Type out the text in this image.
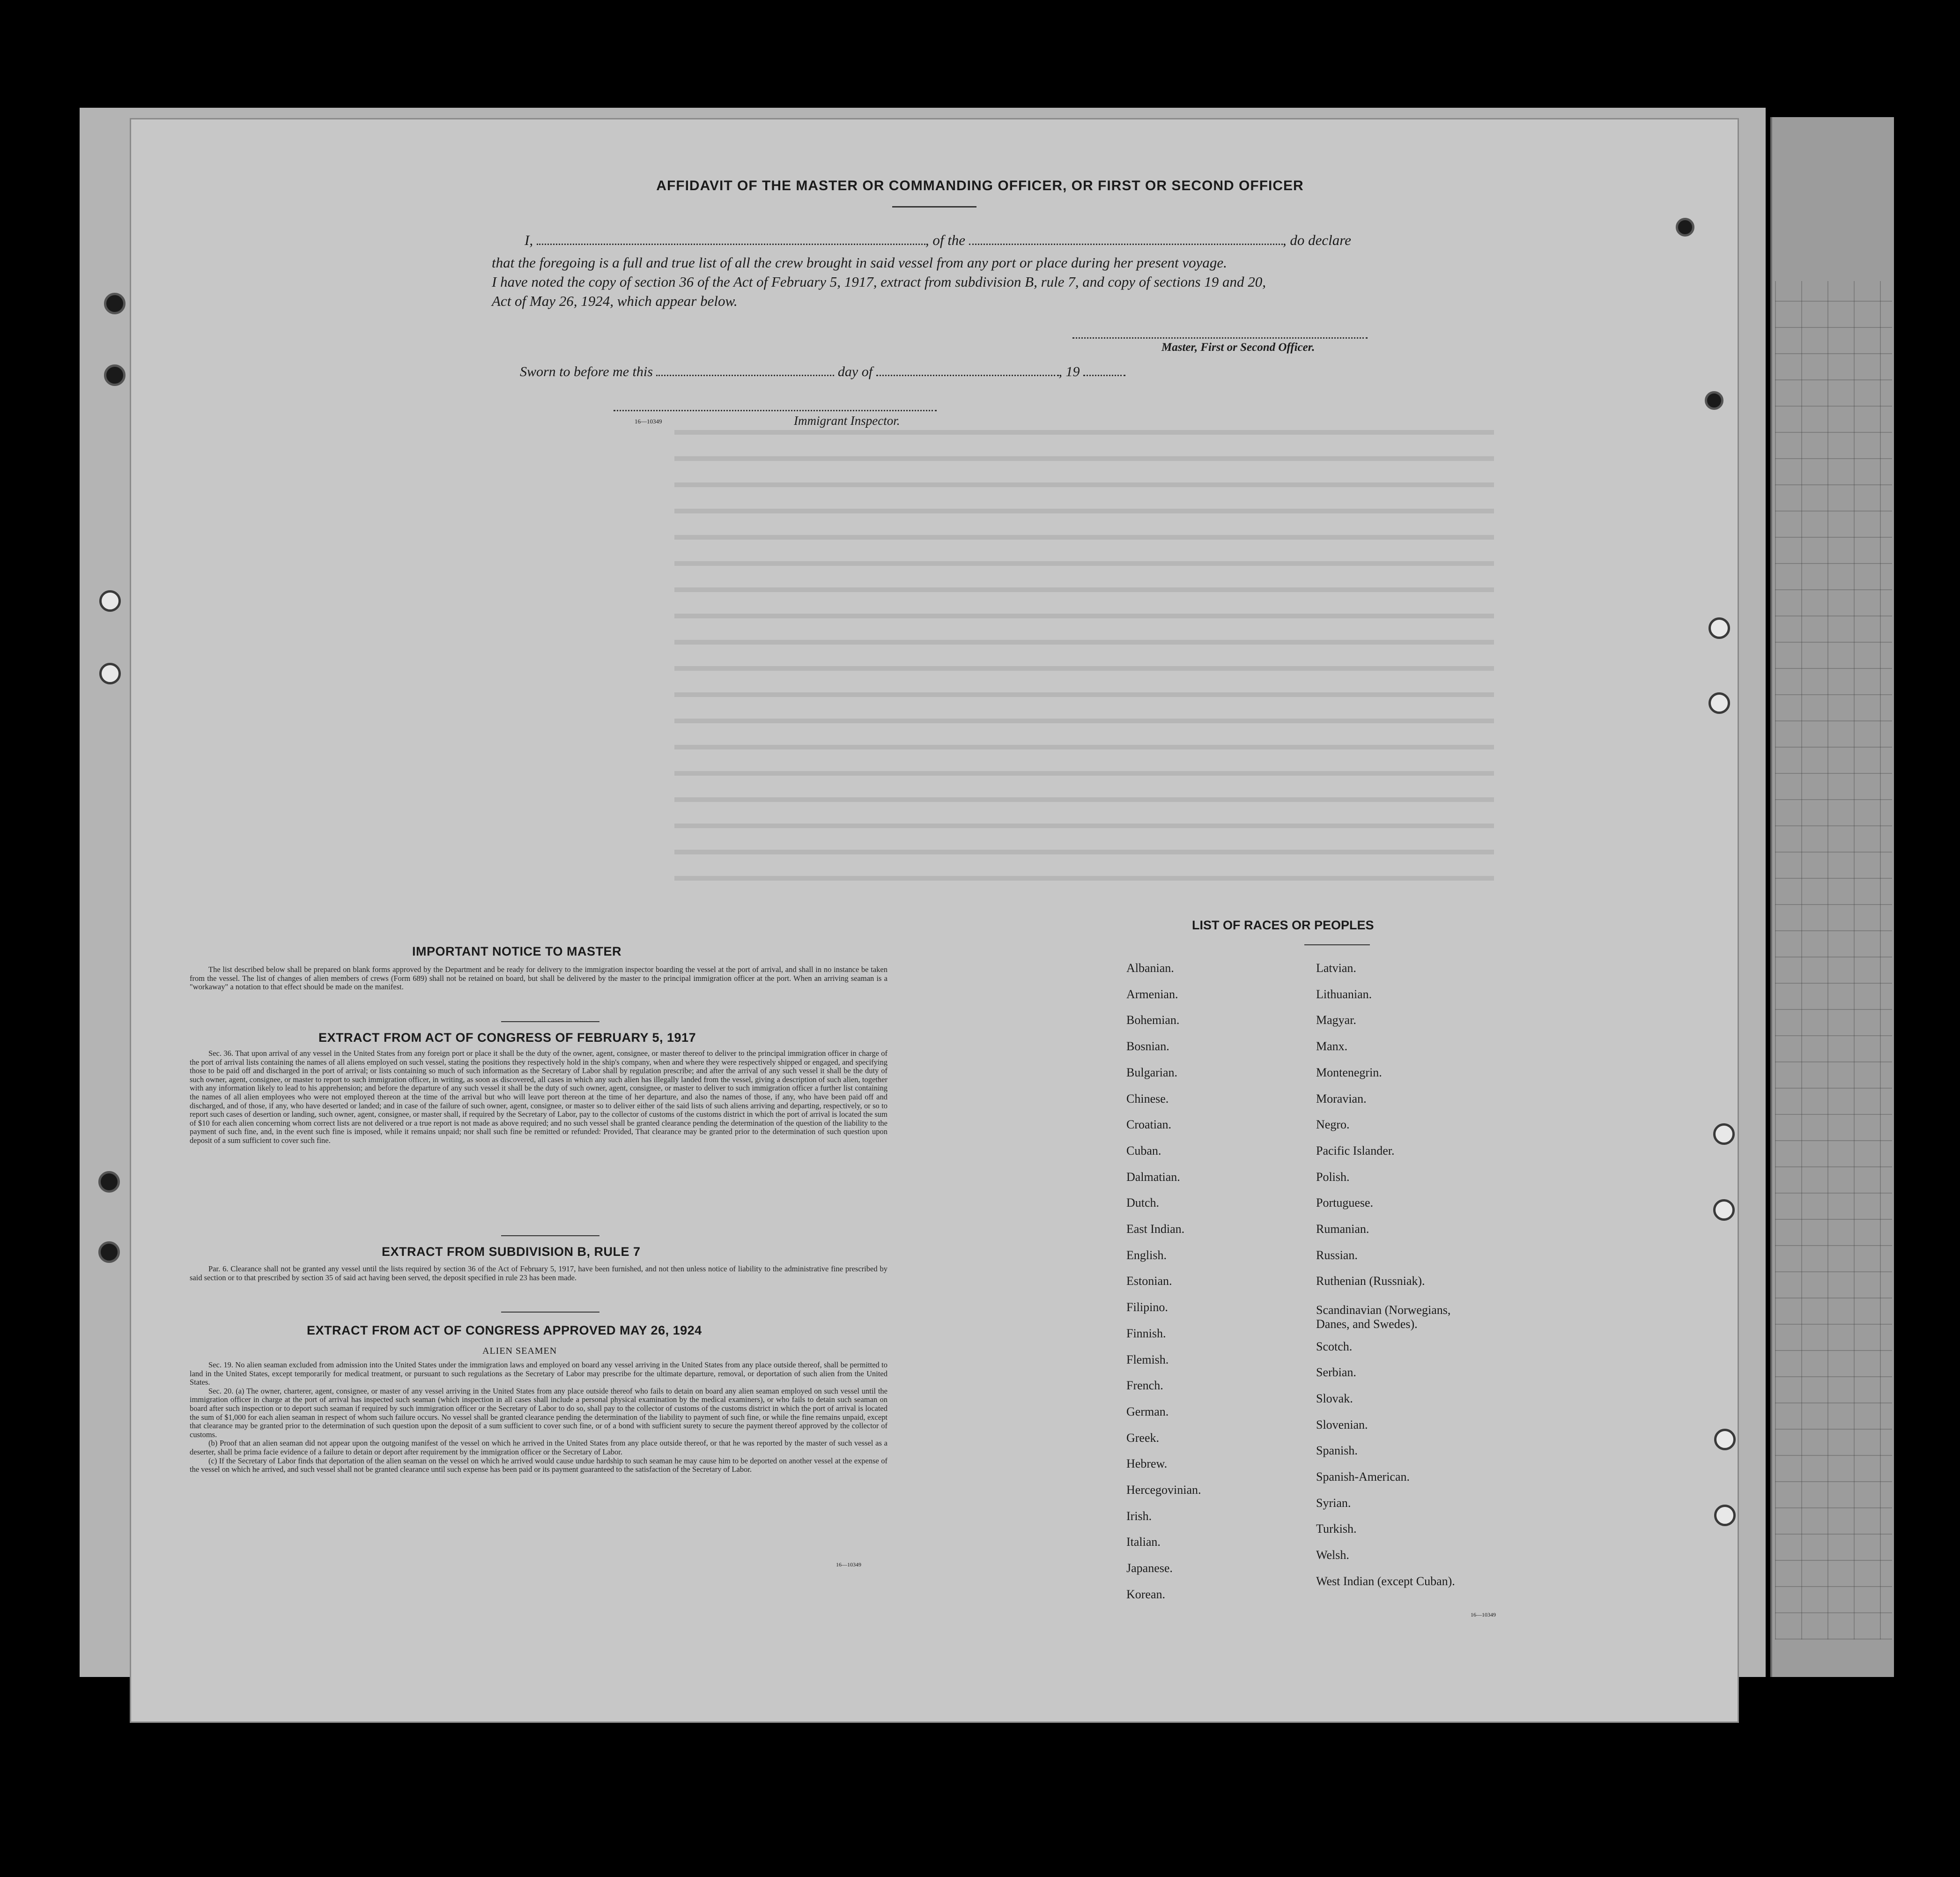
AFFIDAVIT OF THE MASTER OR COMMANDING OFFICER, OR FIRST OR SECOND OFFICER
I,	, of the	, do declare
that the foregoing is a full and true list of all the crew brought in said vessel from any port or place during her present voyage.
I have noted the copy of section 36 of the Act of February 5, 1917, extract from subdivision B, rule 7, and copy of sections 19 and 20,
Act of May 26, 1924, which appear below.
Master, First or Second Officer.
Sworn to before me this	day of	, 19
16—10349	Immigrant Inspector.
IMPORTANT NOTICE TO MASTER
The list described below shall be prepared on blank forms approved by the Department and be ready for delivery to the immigration inspector boarding the vessel at the port of arrival, and shall in no instance be taken from the vessel. The list of changes of alien members of crews (Form 689) shall not be retained on board, but shall be delivered by the master to the principal immigration officer at the port. When an arriving seaman is a "workaway" a notation to that effect should be made on the manifest.
EXTRACT FROM ACT OF CONGRESS OF FEBRUARY 5, 1917
Sec. 36. That upon arrival of any vessel in the United States from any foreign port or place it shall be the duty of the owner, agent, consignee, or master thereof to deliver to the principal immigration officer in charge of the port of arrival lists containing the names of all aliens employed on such vessel, stating the positions they respectively hold in the ship's company, when and where they were respectively shipped or engaged, and specifying those to be paid off and discharged in the port of arrival; or lists containing so much of such information as the Secretary of Labor shall by regulation prescribe; and after the arrival of any such vessel it shall be the duty of such owner, agent, consignee, or master to report to such immigration officer, in writing, as soon as discovered, all cases in which any such alien has illegally landed from the vessel, giving a description of such alien, together with any information likely to lead to his apprehension; and before the departure of any such vessel it shall be the duty of such owner, agent, consignee, or master to deliver to such immigration officer a further list containing the names of all alien employees who were not employed thereon at the time of the arrival but who will leave port thereon at the time of her departure, and also the names of those, if any, who have been paid off and discharged, and of those, if any, who have deserted or landed; and in case of the failure of such owner, agent, consignee, or master so to deliver either of the said lists of such aliens arriving and departing, respectively, or so to report such cases of desertion or landing, such owner, agent, consignee, or master shall, if required by the Secretary of Labor, pay to the collector of customs of the customs district in which the port of arrival is located the sum of $10 for each alien concerning whom correct lists are not delivered or a true report is not made as above required; and no such vessel shall be granted clearance pending the determination of the question of the liability to the payment of such fine, and, in the event such fine is imposed, while it remains unpaid; nor shall such fine be remitted or refunded: Provided, That clearance may be granted prior to the determination of such question upon deposit of a sum sufficient to cover such fine.
EXTRACT FROM SUBDIVISION B, RULE 7
Par. 6. Clearance shall not be granted any vessel until the lists required by section 36 of the Act of February 5, 1917, have been furnished, and not then unless notice of liability to the administrative fine prescribed by said section or to that prescribed by section 35 of said act having been served, the deposit specified in rule 23 has been made.
EXTRACT FROM ACT OF CONGRESS APPROVED MAY 26, 1924
ALIEN SEAMEN

Sec. 19. No alien seaman excluded from admission into the United States under the immigration laws and employed on board any vessel arriving in the United States from any place outside thereof, shall be permitted to land in the United States, except temporarily for medical treatment, or pursuant to such regulations as the Secretary of Labor may prescribe for the ultimate departure, removal, or deportation of such alien from the United States.

Sec. 20. (a) The owner, charterer, agent, consignee, or master of any vessel arriving in the United States from any place outside thereof who fails to detain on board any alien seaman employed on such vessel until the immigration officer in charge at the port of arrival has inspected such seaman (which inspection in all cases shall include a personal physical examination by the medical examiners), or who fails to detain such seaman on board after such inspection or to deport such seaman if required by such immigration officer or the Secretary of Labor to do so, shall pay to the collector of customs of the customs district in which the port of arrival is located the sum of $1,000 for each alien seaman in respect of whom such failure occurs. No vessel shall be granted clearance pending the determination of the liability to payment of such fine, or while the fine remains unpaid, except that clearance may be granted prior to the determination of such question upon the deposit of a sum sufficient to cover such fine, or of a bond with sufficient surety to secure the payment thereof approved by the collector of customs.

(b) Proof that an alien seaman did not appear upon the outgoing manifest of the vessel on which he arrived in the United States from any place outside thereof, or that he was reported by the master of such vessel as a deserter, shall be prima facie evidence of a failure to detain or deport after requirement by the immigration officer or the Secretary of Labor.

(c) If the Secretary of Labor finds that deportation of the alien seaman on the vessel on which he arrived would cause undue hardship to such seaman he may cause him to be deported on another vessel at the expense of the vessel on which he arrived, and such vessel shall not be granted clearance until such expense has been paid or its payment guaranteed to the satisfaction of the Secretary of Labor.

16—10349
LIST OF RACES OR PEOPLES
Albanian.
Armenian.
Bohemian.
Bosnian.
Bulgarian.
Chinese.
Croatian.
Cuban.
Dalmatian.
Dutch.
East Indian.
English.
Estonian.
Filipino.
Finnish.
Flemish.
French.
German.
Greek.
Hebrew.
Hercegovinian.
Irish.
Italian.
Japanese.
Korean.
Latvian.
Lithuanian.
Magyar.
Manx.
Montenegrin.
Moravian.
Negro.
Pacific Islander.
Polish.
Portuguese.
Rumanian.
Russian.
Ruthenian (Russniak).
Scandinavian (Norwegians,
Danes, and Swedes).
Scotch.
Serbian.
Slovak.
Slovenian.
Spanish.
Spanish-American.
Syrian.
Turkish.
Welsh.
West Indian (except Cuban).
16—10349
